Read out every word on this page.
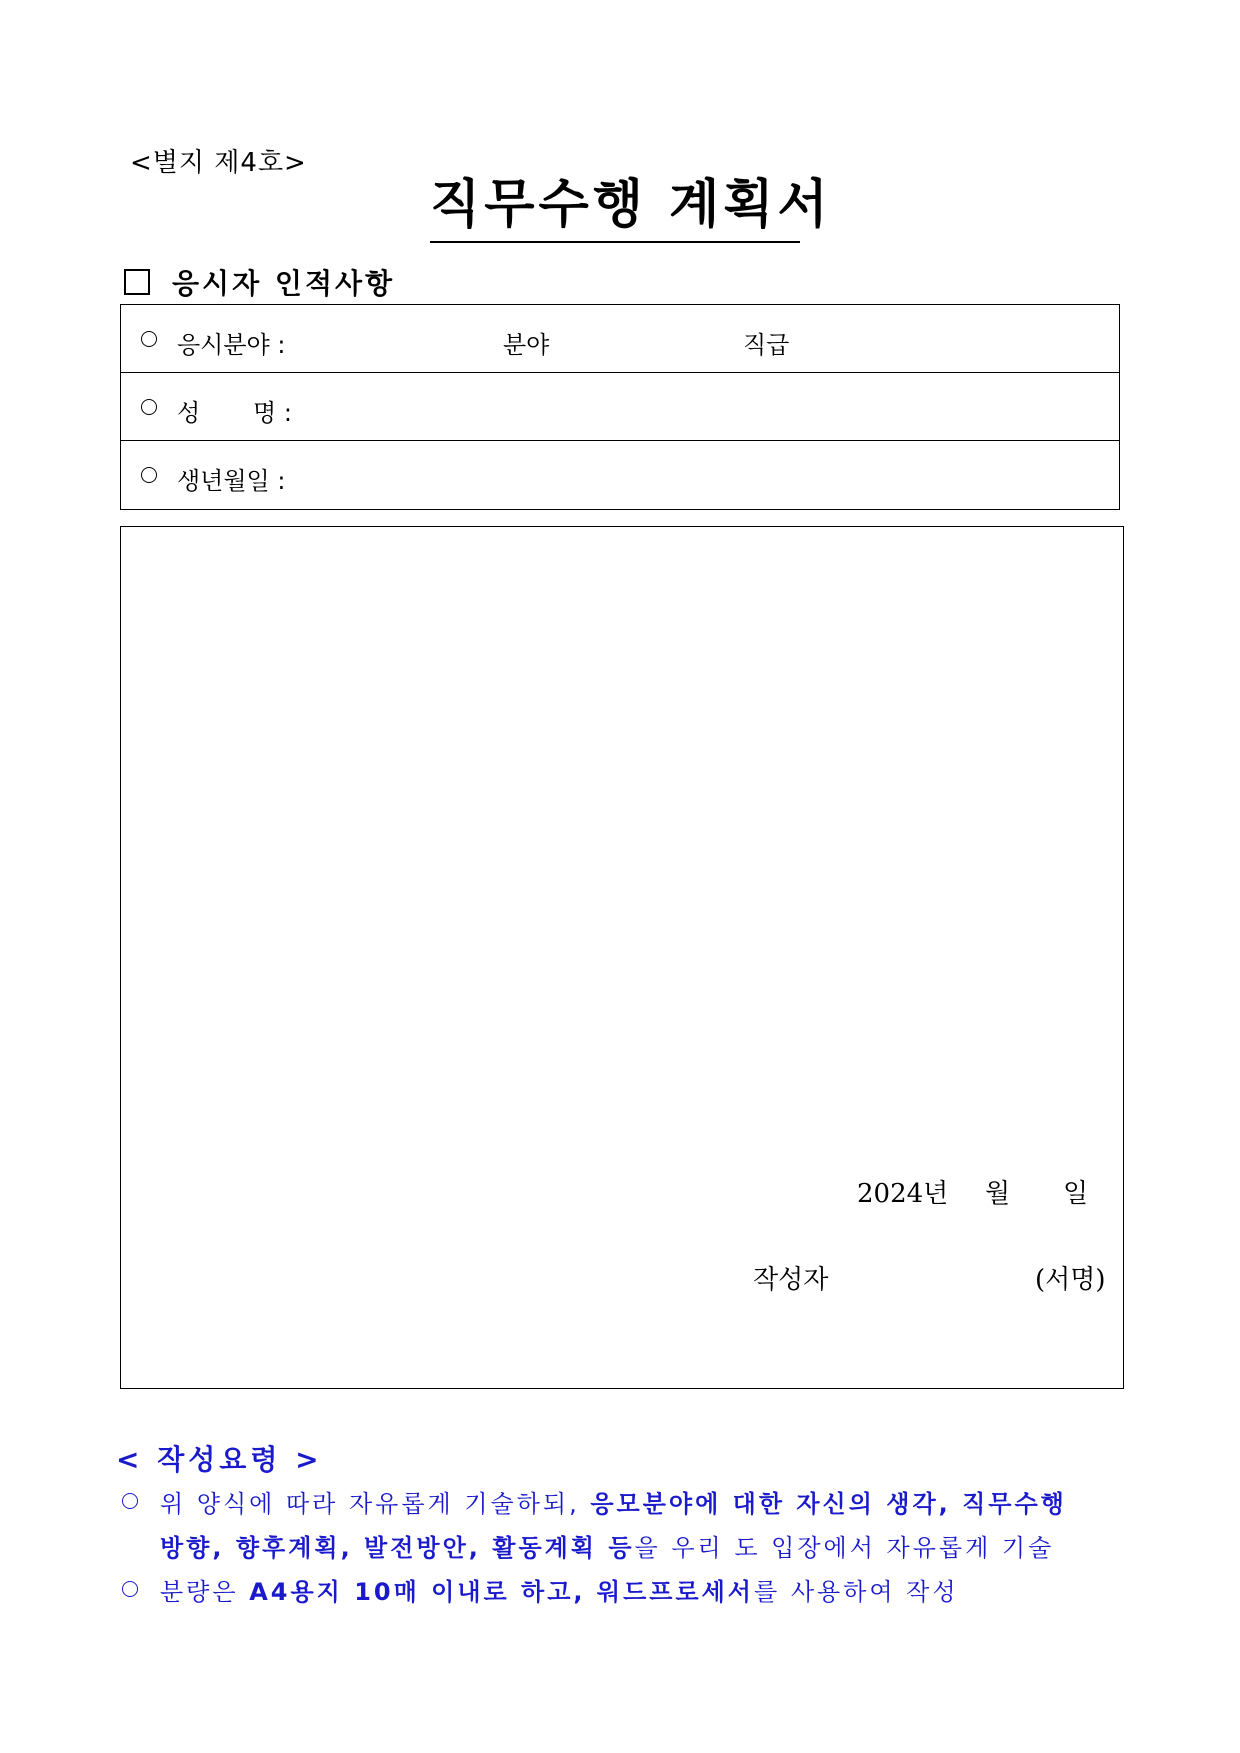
<별지 제4호>
직무수행 계획서
응시자 인적사항
응시분야 :	분야	직급
성 명 :
생년월일 :
2024년 월 일
작성자	(서명)
< 작성요령 >
위 양식에 따라 자유롭게 기술하되, 응모분야에 대한 자신의 생각, 직무수행
방향, 향후계획, 발전방안, 활동계획 등을 우리 도 입장에서 자유롭게 기술
분량은 A4용지 10매 이내로 하고, 워드프로세서를 사용하여 작성
